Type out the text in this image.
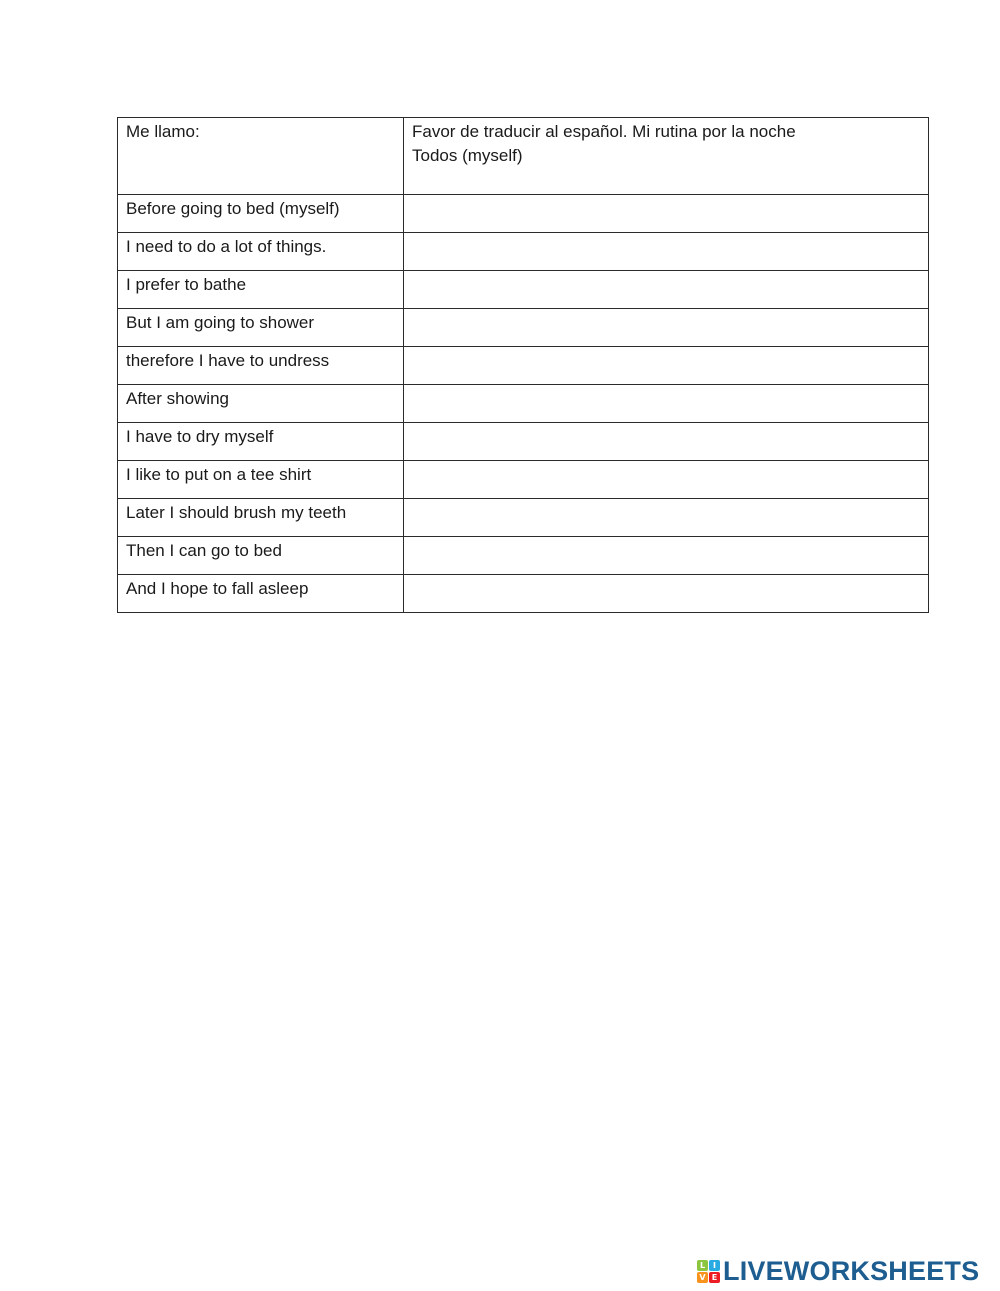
Me llamo:	Favor de traducir al español. Mi rutina por la noche
Todos (myself)

Before going to bed (myself)	
I need to do a lot of things.	
I prefer to bathe	
But I am going to shower	
therefore I have to undress	
After showing	
I have to dry myself	
I like to put on a tee shirt	
Later I should brush my teeth	
Then I can go to bed	
And I hope to fall asleep	
L I
V E LIVEWORKSHEETS
